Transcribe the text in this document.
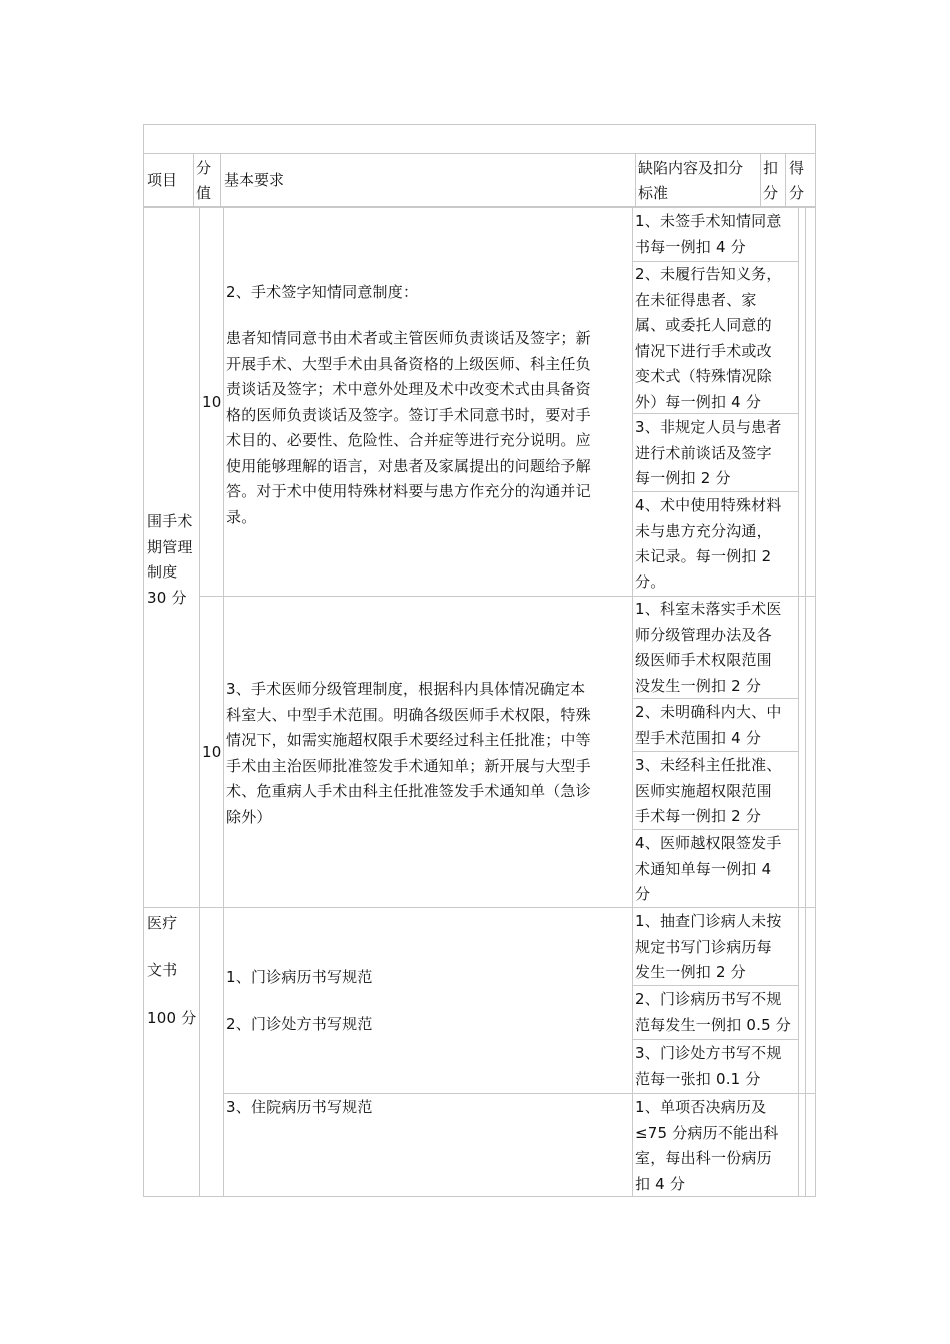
项目
分
值
基本要求
缺陷内容及扣分
标准
扣
分
得
分
围手术
期管理
制度
30 分
10
2、手术签字知情同意制度：
患者知情同意书由术者或主管医师负责谈话及签字；新
开展手术、大型手术由具备资格的上级医师、科主任负
责谈话及签字；术中意外处理及术中改变术式由具备资
格的医师负责谈话及签字。签订手术同意书时，要对手
术目的、必要性、危险性、合并症等进行充分说明。应
使用能够理解的语言，对患者及家属提出的问题给予解
答。对于术中使用特殊材料要与患方作充分的沟通并记
录。
1、未签手术知情同意
书每一例扣 4 分
2、未履行告知义务，
在未征得患者、家
属、或委托人同意的
情况下进行手术或改
变术式（特殊情况除
外）每一例扣 4 分
3、非规定人员与患者
进行术前谈话及签字
每一例扣 2 分
4、术中使用特殊材料
未与患方充分沟通，
未记录。每一例扣 2
分。
10
3、手术医师分级管理制度，根据科内具体情况确定本
科室大、中型手术范围。明确各级医师手术权限，特殊
情况下，如需实施超权限手术要经过科主任批准；中等
手术由主治医师批准签发手术通知单；新开展与大型手
术、危重病人手术由科主任批准签发手术通知单（急诊
除外）
1、科室未落实手术医
师分级管理办法及各
级医师手术权限范围
没发生一例扣 2 分
2、未明确科内大、中
型手术范围扣 4 分
3、未经科主任批准、
医师实施超权限范围
手术每一例扣 2 分
4、医师越权限签发手
术通知单每一例扣 4
分
医疗
文书
100 分
1、门诊病历书写规范
2、门诊处方书写规范
1、抽查门诊病人未按
规定书写门诊病历每
发生一例扣 2 分
2、门诊病历书写不规
范每发生一例扣 0.5 分
3、门诊处方书写不规
范每一张扣 0.1 分
3、住院病历书写规范	1、单项否决病历及
≤75 分病历不能出科
室，每出科一份病历
扣 4 分
